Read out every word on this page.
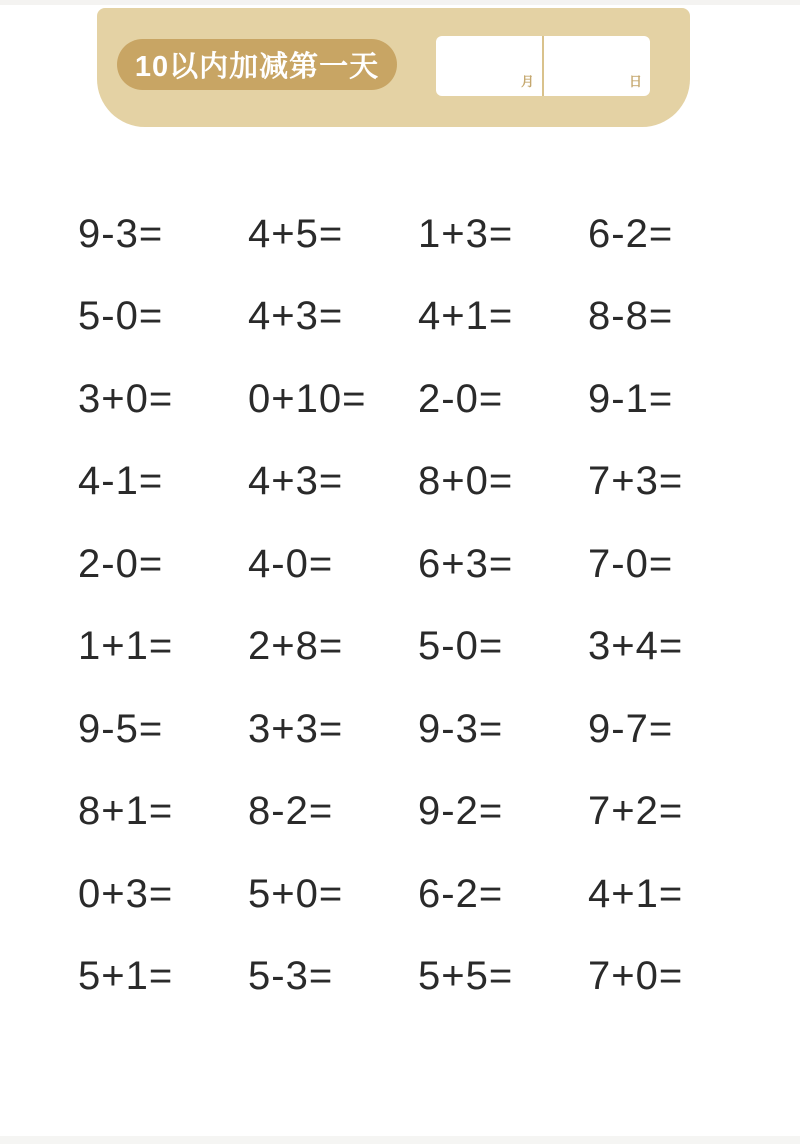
10以内加减第一天	月	日
9-3=	4+5=	1+3=	6-2=
5-0=	4+3=	4+1=	8-8=
3+0=	0+10=	2-0=	9-1=
4-1=	4+3=	8+0=	7+3=
2-0=	4-0=	6+3=	7-0=
1+1=	2+8=	5-0=	3+4=
9-5=	3+3=	9-3=	9-7=
8+1=	8-2=	9-2=	7+2=
0+3=	5+0=	6-2=	4+1=
5+1=	5-3=	5+5=	7+0=
